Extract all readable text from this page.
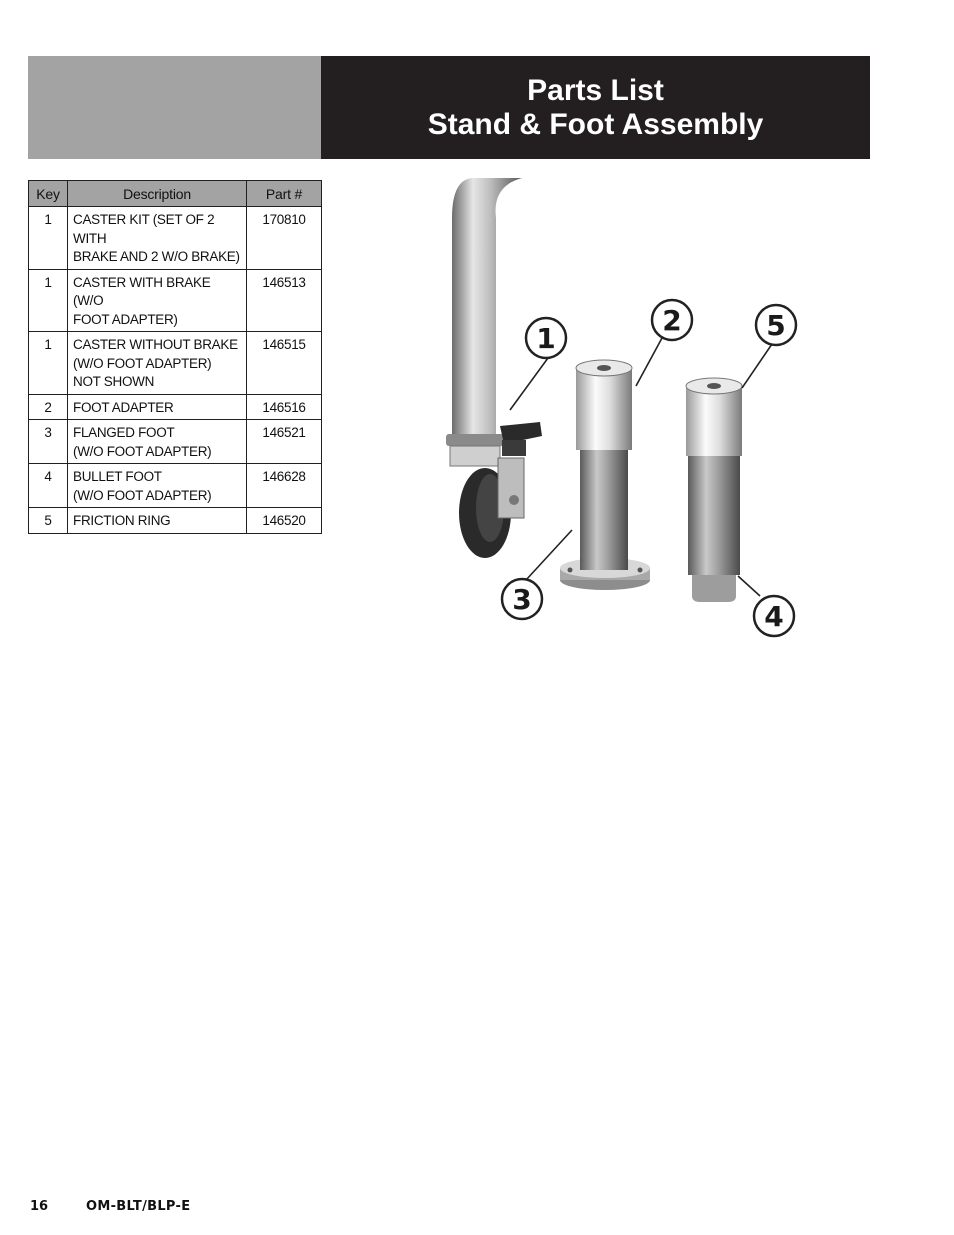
Parts List
Stand & Foot Assembly
Key	Description	Part #
1	CASTER KIT (SET OF 2 WITH
BRAKE AND 2 W/O BRAKE)	170810
1	CASTER WITH BRAKE (W/O
FOOT ADAPTER)	146513
1	CASTER WITHOUT BRAKE
(W/O FOOT ADAPTER)
NOT SHOWN	146515
2	FOOT ADAPTER	146516
3	FLANGED FOOT
(W/O FOOT ADAPTER)	146521
4	BULLET FOOT
(W/O FOOT ADAPTER)	146628
5	FRICTION RING	146520
1
2
3
4
5
16	OM-BLT/BLP-E
